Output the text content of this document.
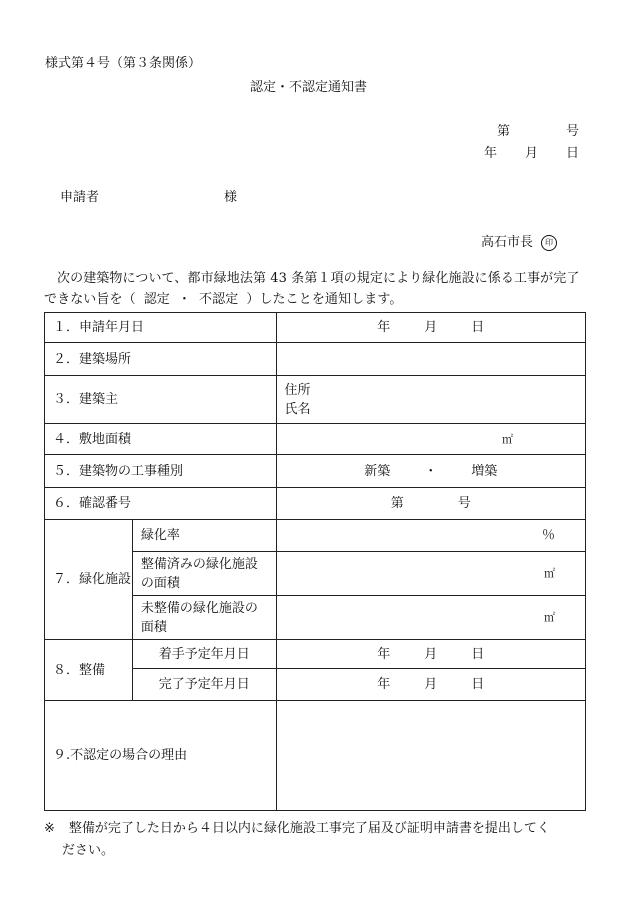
様式第４号（第３条関係）
認定・不認定通知書
第	号
年 月 日
申請者	様
高石市長 印
次の建築物について、都市緑地法第 43 条第１項の規定により緑化施設に係る工事が完了できない旨を（ 認定 ・ 不認定 ）したことを通知します。
１．申請年月日		年 月 日
２．建築場所		
３．建築主		住所
氏名

４．敷地面積		㎡
５．建築物の工事種別		新築 ・ 増築
６．確認番号		第 号
７．緑化施設	緑化率	％

	整備済みの緑化施設
の面積	㎡

	未整備の緑化施設の
面積	㎡
８．整備	着手予定年月日	年 月 日
	完了予定年月日	年 月 日
９.不認定の場合の理由		
※ 整備が完了した日から４日以内に緑化施設工事完了届及び証明申請書を提出してく
ださい。
